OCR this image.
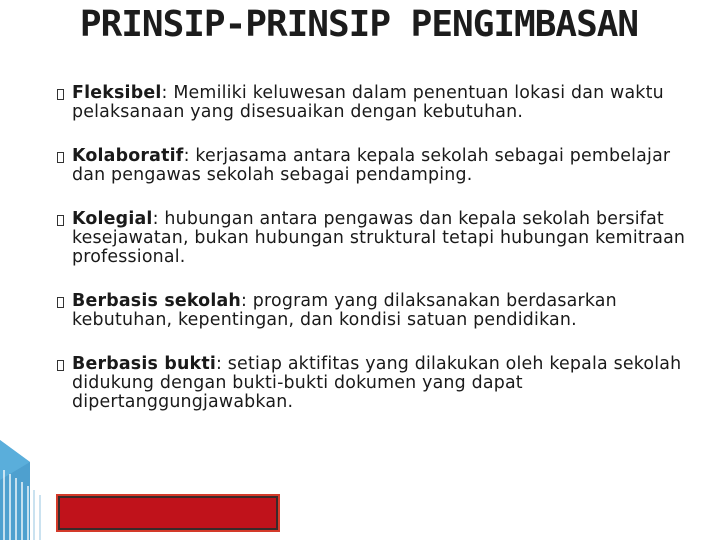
PRINSIP-PRINSIP PENGIMBASAN
Fleksibel: Memiliki keluwesan dalam penentuan lokasi dan waktu pelaksanaan yang disesuaikan dengan kebutuhan.
Kolaboratif: kerjasama antara kepala sekolah sebagai pembelajar dan pengawas sekolah sebagai pendamping.
Kolegial: hubungan antara pengawas dan kepala sekolah bersifat kesejawatan, bukan hubungan struktural tetapi hubungan kemitraan professional.
Berbasis sekolah: program yang dilaksanakan berdasarkan kebutuhan, kepentingan, dan kondisi satuan pendidikan.
Berbasis bukti: setiap aktifitas yang dilakukan oleh kepala sekolah didukung dengan bukti-bukti dokumen yang dapat dipertanggungjawabkan.
